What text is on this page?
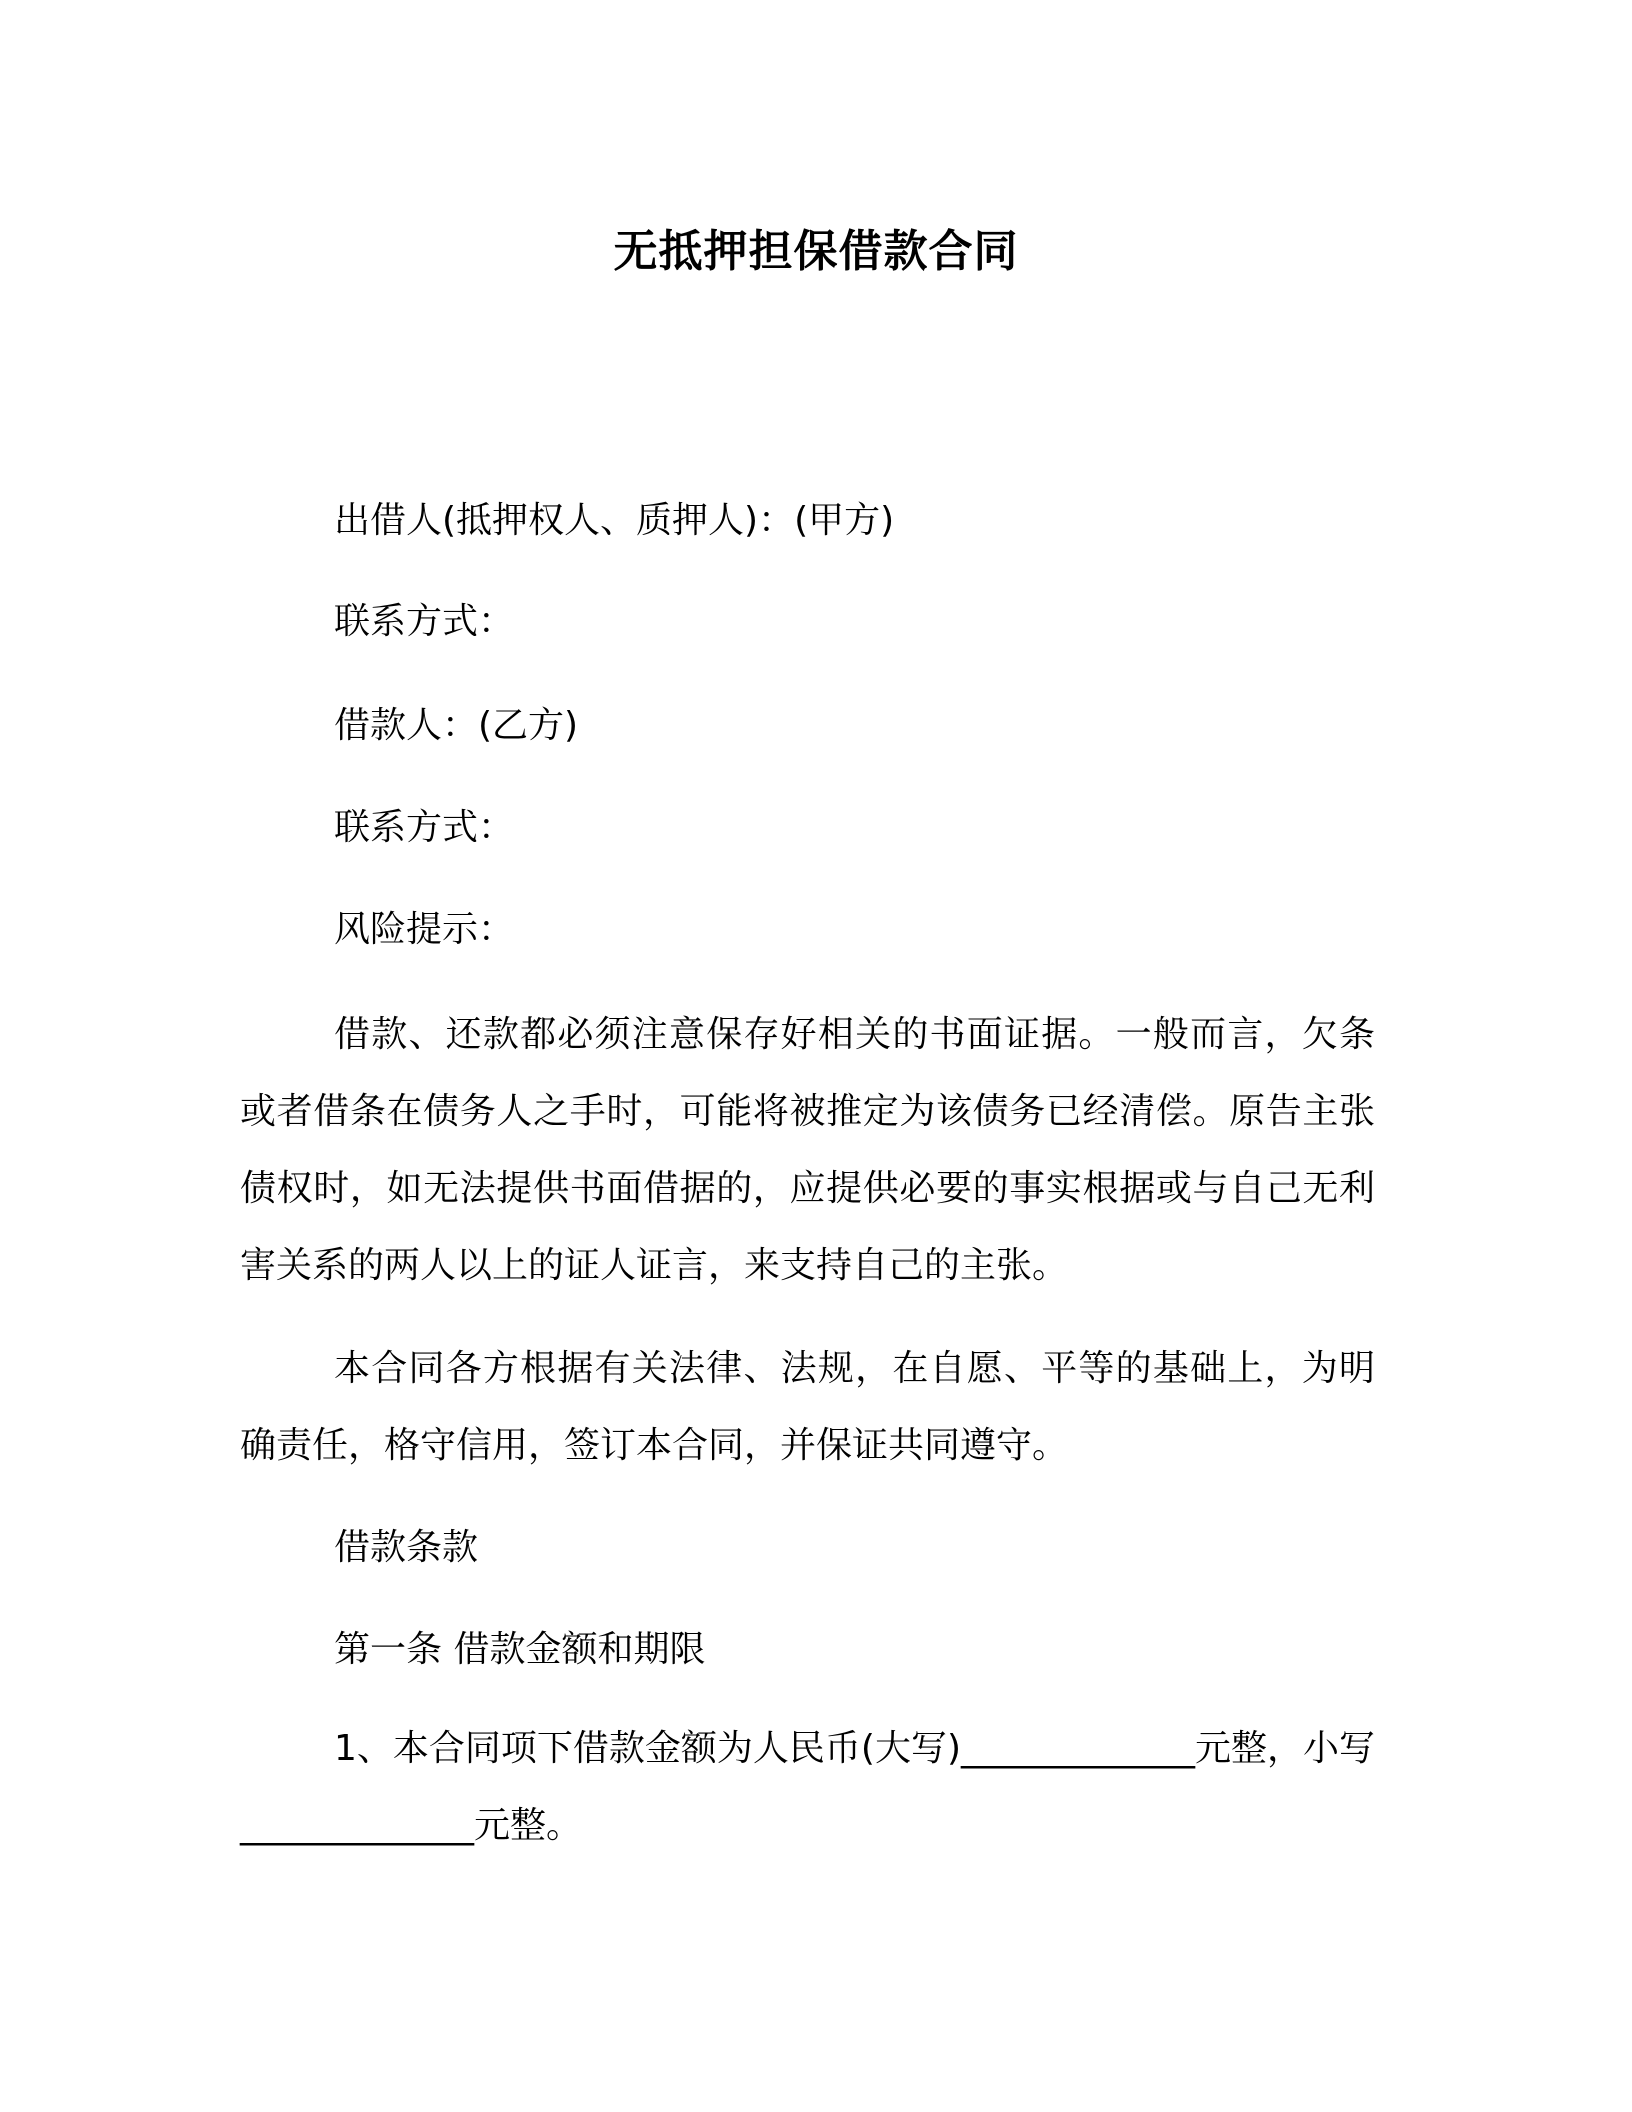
无抵押担保借款合同
出借人(抵押权人、质押人)：(甲方)
联系方式：
借款人：(乙方)
联系方式：
风险提示：
借款、还款都必须注意保存好相关的书面证据。一般而言，欠条或者借条在债务人之手时，可能将被推定为该债务已经清偿。原告主张债权时，如无法提供书面借据的，应提供必要的事实根据或与自己无利害关系的两人以上的证人证言，来支持自己的主张。
本合同各方根据有关法律、法规，在自愿、平等的基础上，为明确责任，格守信用，签订本合同，并保证共同遵守。
借款条款
第一条 借款金额和期限
1、本合同项下借款金额为人民币(大写)_____________元整，小写_____________元整。
